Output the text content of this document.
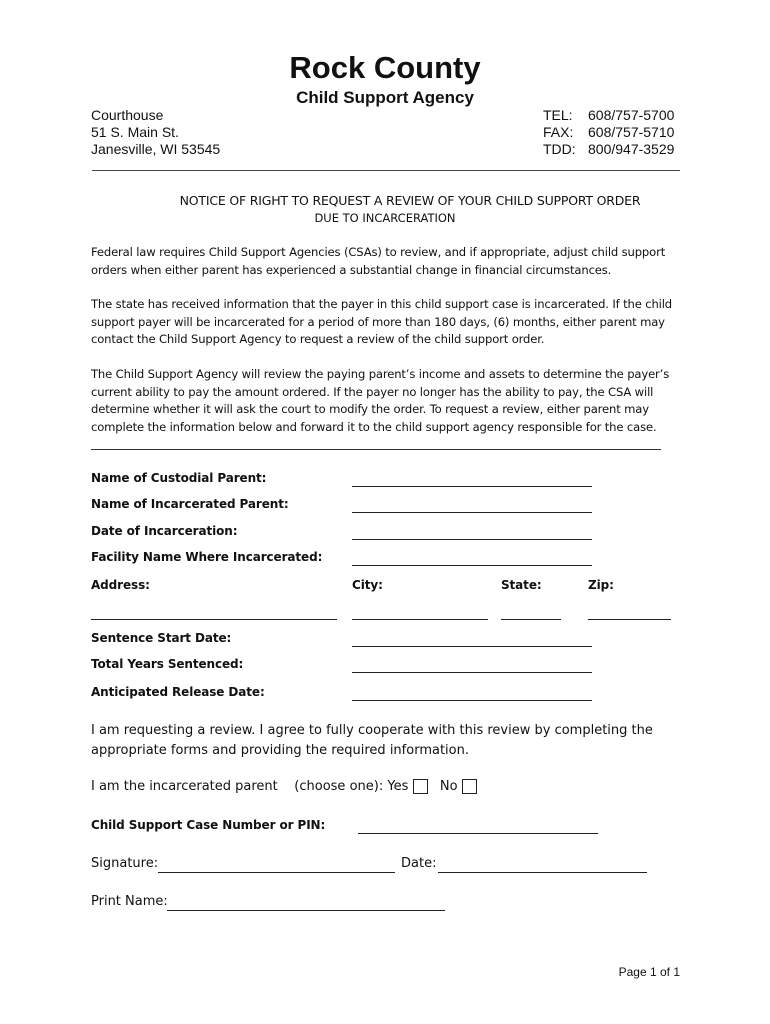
Rock County
Child Support Agency
Courthouse
51 S. Main St.
Janesville, WI 53545
TEL: 608/757-5700
FAX: 608/757-5710
TDD: 800/947-3529
NOTICE OF RIGHT TO REQUEST A REVIEW OF YOUR CHILD SUPPORT ORDER
DUE TO INCARCERATION
Federal law requires Child Support Agencies (CSAs) to review, and if appropriate, adjust child support
orders when either parent has experienced a substantial change in financial circumstances.
The state has received information that the payer in this child support case is incarcerated. If the child
support payer will be incarcerated for a period of more than 180 days, (6) months, either parent may
contact the Child Support Agency to request a review of the child support order.
The Child Support Agency will review the paying parent’s income and assets to determine the payer’s
current ability to pay the amount ordered. If the payer no longer has the ability to pay, the CSA will
determine whether it will ask the court to modify the order. To request a review, either parent may
complete the information below and forward it to the child support agency responsible for the case.
Name of Custodial Parent:
Name of Incarcerated Parent:
Date of Incarceration:
Facility Name Where Incarcerated:
Address:	City:	State:	Zip:
Sentence Start Date:
Total Years Sentenced:
Anticipated Release Date:
I am requesting a review. I agree to fully cooperate with this review by completing the
appropriate forms and providing the required information.
I am the incarcerated parent    (choose one): Yes No
Child Support Case Number or PIN:
Signature:	Date:
Print Name:
Page 1 of 1
